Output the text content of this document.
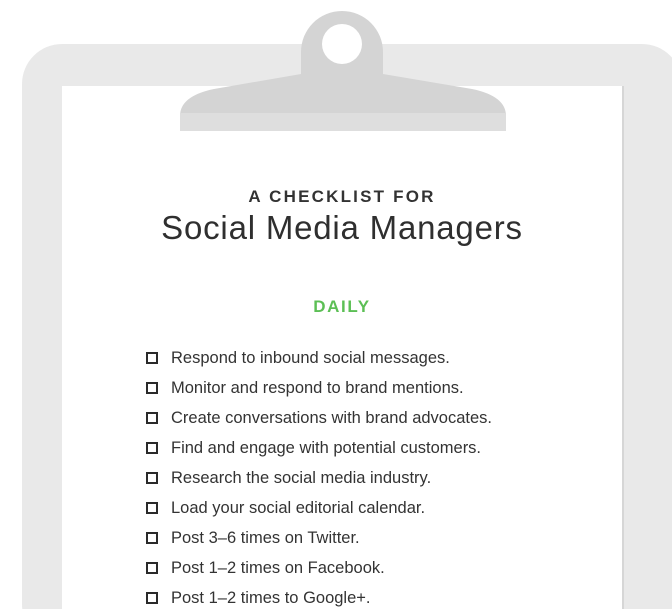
A CHECKLIST FOR
Social Media Managers
DAILY
Respond to inbound social messages.
Monitor and respond to brand mentions.
Create conversations with brand advocates.
Find and engage with potential customers.
Research the social media industry.
Load your social editorial calendar.
Post 3–6 times on Twitter.
Post 1–2 times on Facebook.
Post 1–2 times to Google+.
